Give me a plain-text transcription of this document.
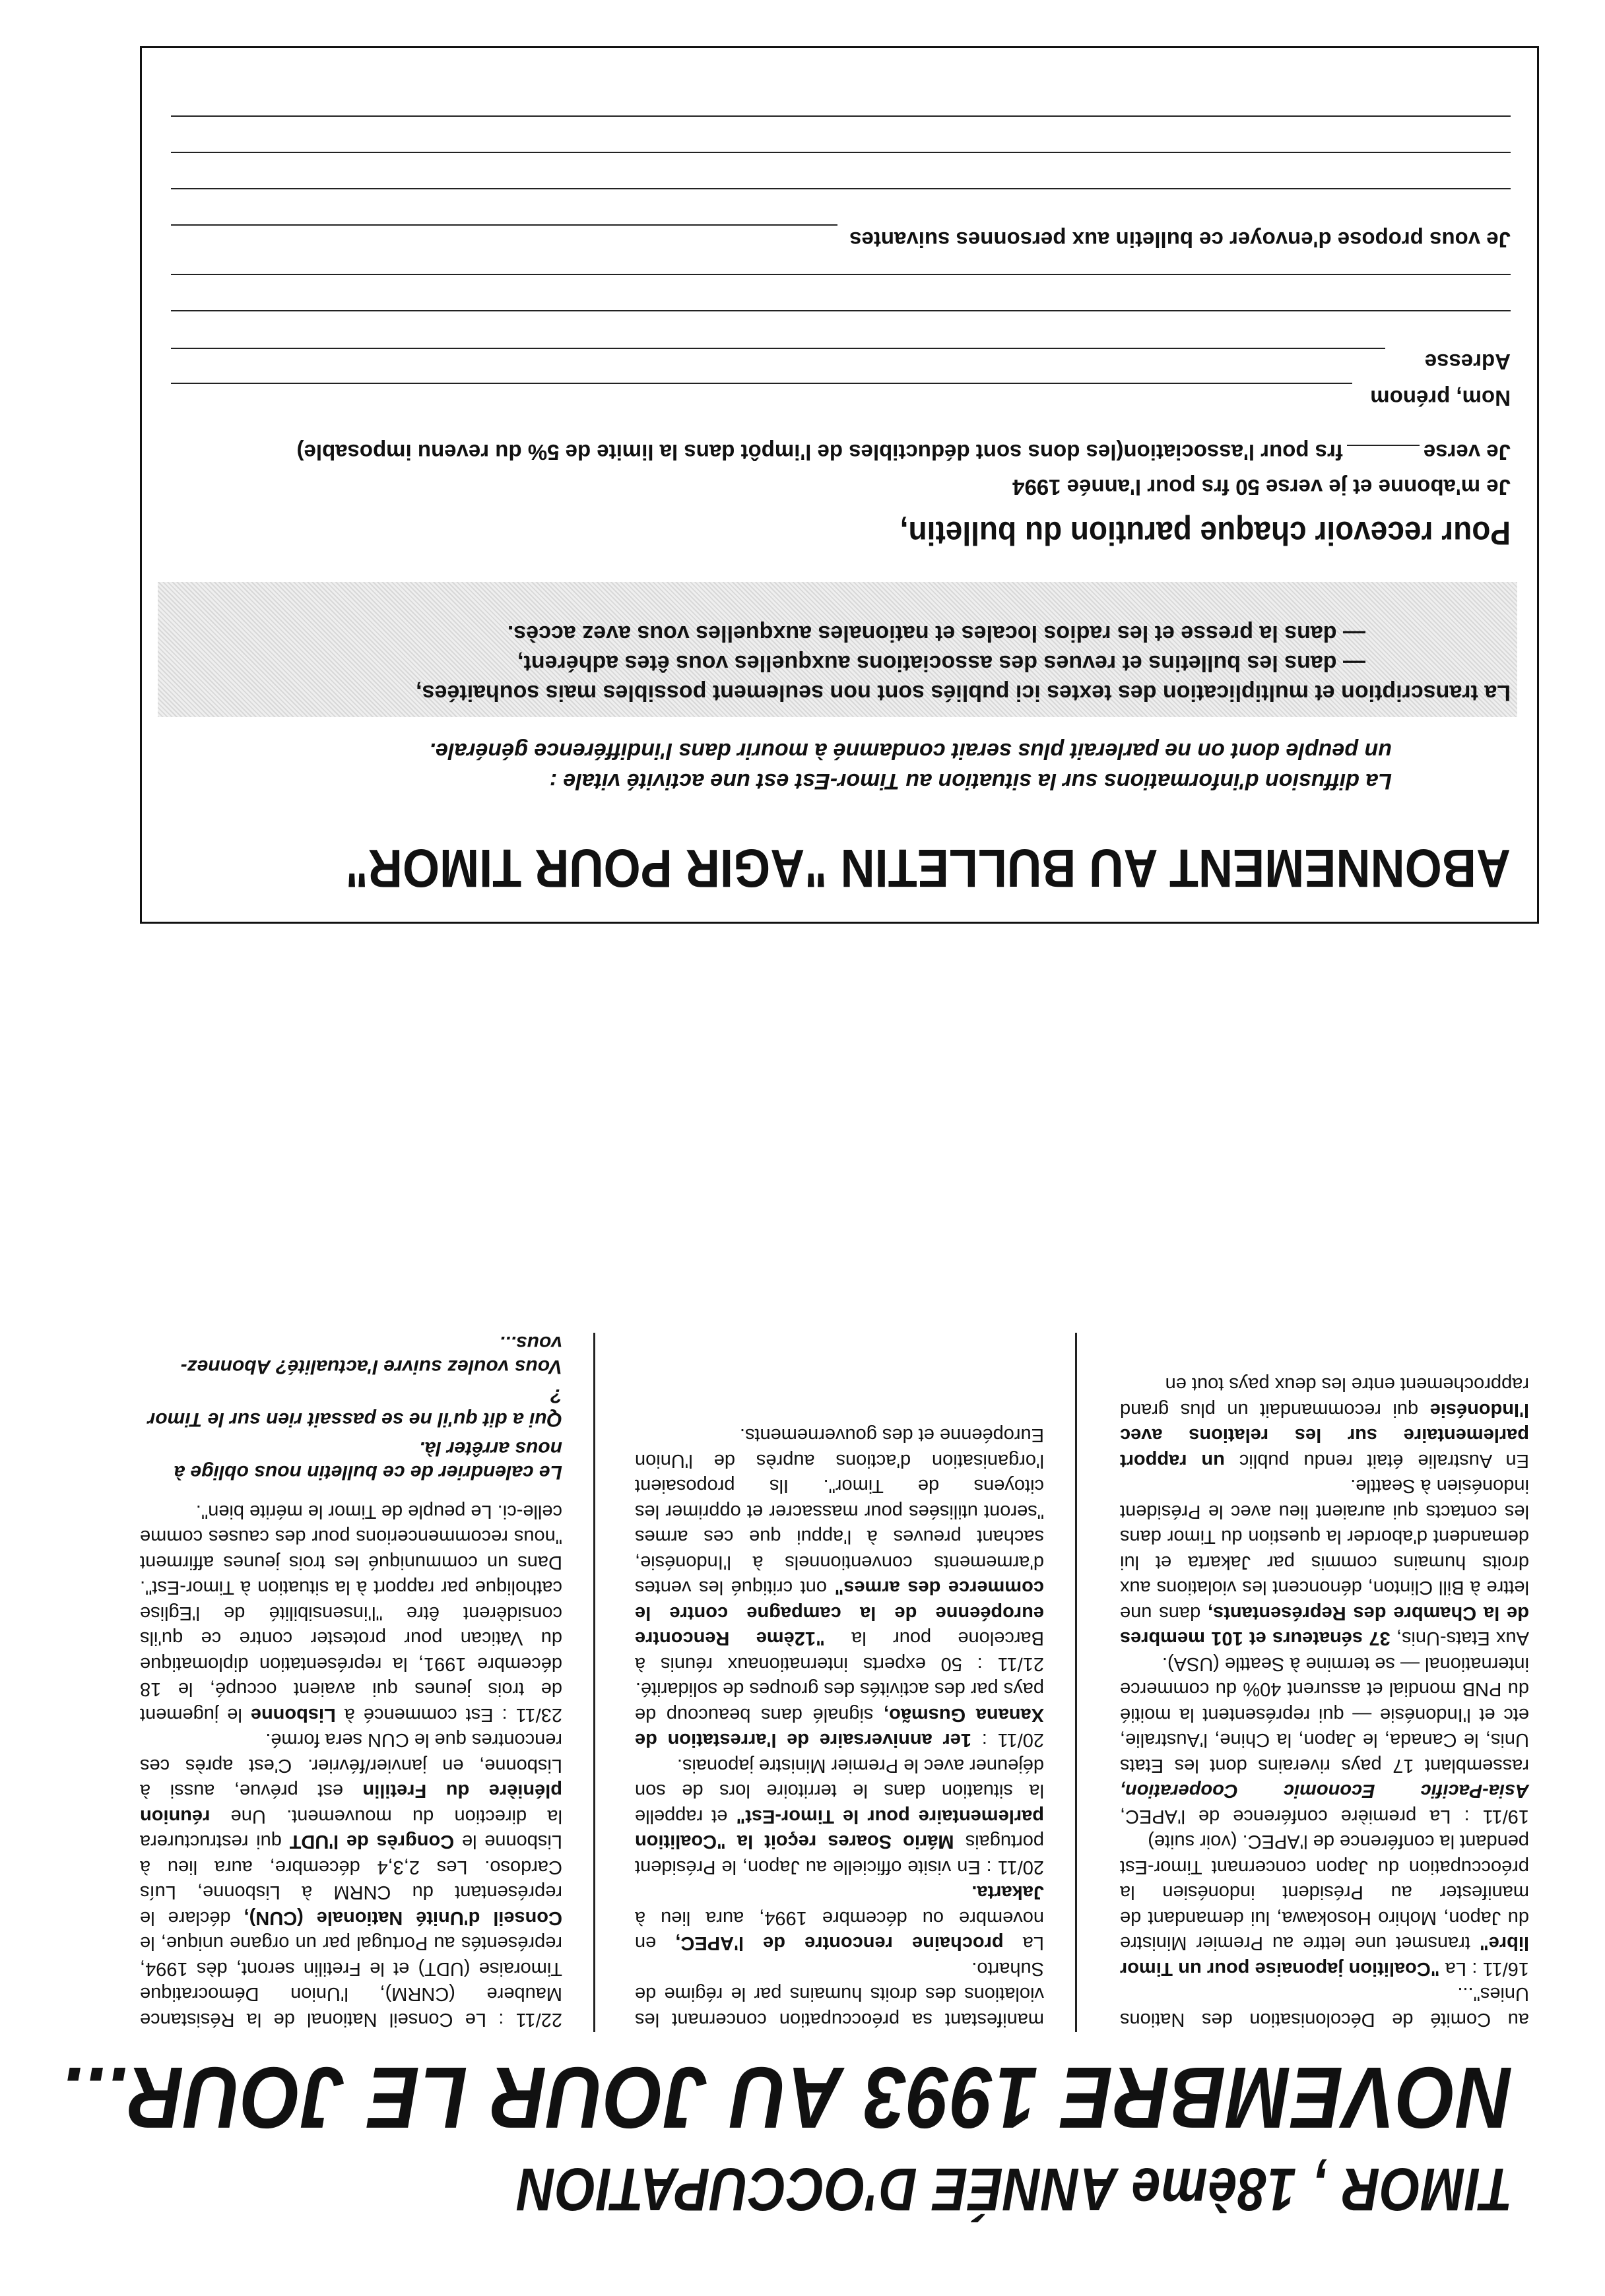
TIMOR , 18ème ANNÉE D'OCCUPATION
NOVEMBRE 1993 AU JOUR LE JOUR...

au Comité de Décolonisation des Nations Unies"...

16/11 : La "Coalition japonaise pour un Timor libre" transmet une lettre au Premier Ministre du Japon, Mohiro Hosokawa, lui demandant de manifester au Président indonésien la préoccupation du Japon concernant Timor-Est pendant la conférence de l'APEC. (voir suite)

19/11 : La première conférence de l'APEC, Asia-Pacific Economic Cooperation, rassemblant 17 pays riverains dont les Etats Unis, le Canada, le Japon, la Chine, l'Australie, etc et l'Indonésie — qui représentent la moitié du PNB mondial et assurent 40% du commerce international — se termine à Seattle (USA).

Aux Etats-Unis, 37 sénateurs et 101 membres de la Chambre des Représentants, dans une lettre à Bill Clinton, dénoncent les violations aux droits humains commis par Jakarta et lui demandent d'aborder la question du Timor dans les contacts qui auraient lieu avec le Président indonésien à Seattle.

En Australie était rendu public un rapport parlementaire sur les relations avec l'Indonésie qui recommandait un plus grand rapprochement entre les deux pays tout en

manifestant sa préoccupation concernant les violations des droits humains par le régime de Suharto.

La prochaine rencontre de l'APEC, en novembre ou décembre 1994, aura lieu à Jakarta.

20/11 : En visite officielle au Japon, le Président portugais Mário Soares reçoit la "Coalition parlementaire pour le Timor-Est" et rappelle la situation dans le territoire lors de son déjeuner avec le Premier Ministre japonais.

20/11 : 1er anniversaire de l'arrestation de Xanana Gusmão, signalé dans beaucoup de pays par des activités des groupes de solidarité.

21/11 : 50 experts internationaux réunis à Barcelone pour la "12ème Rencontre européenne de la campagne contre le commerce des armes" ont critiqué les ventes d'armements conventionnels à l'Indonésie, sachant preuves à l'appui que ces armes "seront utilisées pour massacrer et opprimer les citoyens de Timor". Ils proposaient l'organisation d'actions auprès de l'Union Européenne et des gouvernements.

22/11 : Le Conseil National de la Résistance Maubere (CNRM), l'Union Démocratique Timoraise (UDT) et le Fretilin seront, dès 1994, représentés au Portugal par un organe unique, le Conseil d'Unité Nationale (CUN), déclare le représentant du CNRM à Lisbonne, Luís Cardoso. Les 2,3,4 décembre, aura lieu à Lisbonne le Congrès de l'UDT qui restructurera la direction du mouvement. Une réunion plénière du Fretilin est prévue, aussi à Lisbonne, en janvier/février. C'est après ces rencontres que le CUN sera formé.

23/11 : Est commencé à Lisbonne le jugement de trois jeunes qui avaient occupé, le 18 décembre 1991, la représentation diplomatique du Vatican pour protester contre ce qu'ils considèrent être "l'insensibilité de l'Eglise catholique par rapport à la situation à Timor-Est". Dans un communiqué les trois jeunes affirment "nous recommencerions pour des causes comme celle-ci. Le peuple de Timor le mérite bien".

Le calendrier de ce bulletin nous oblige à nous arrêter là.

Qui a dit qu'il ne se passait rien sur le Timor ?

Vous voulez suivre l'actualité? Abonnez-vous...

ABONNEMENT AU BULLETIN "AGIR POUR TIMOR"
La diffusion d'informations sur la situation au Timor-Est est une activité vitale :
un peuple dont on ne parlerait plus serait condamné à mourir dans l'indifférence générale.
La transcription et multiplication des textes ici publiés sont non seulement possibles mais souhaitées,
— dans les bulletins et revues des associations auxquelles vous êtes adhérent,
— dans la presse et les radios locales et nationales auxquelles vous avez accès.
Pour recevoir chaque parution du bulletin,
Je m'abonne et je verse 50 frs pour l'année 1994
Je versefrs pour l'association(les dons sont déductibles de l'impôt dans la limite de 5% du revenu imposable)
Nom, prénom
Adresse
Je vous propose d'envoyer ce bulletin aux personnes suivantes
